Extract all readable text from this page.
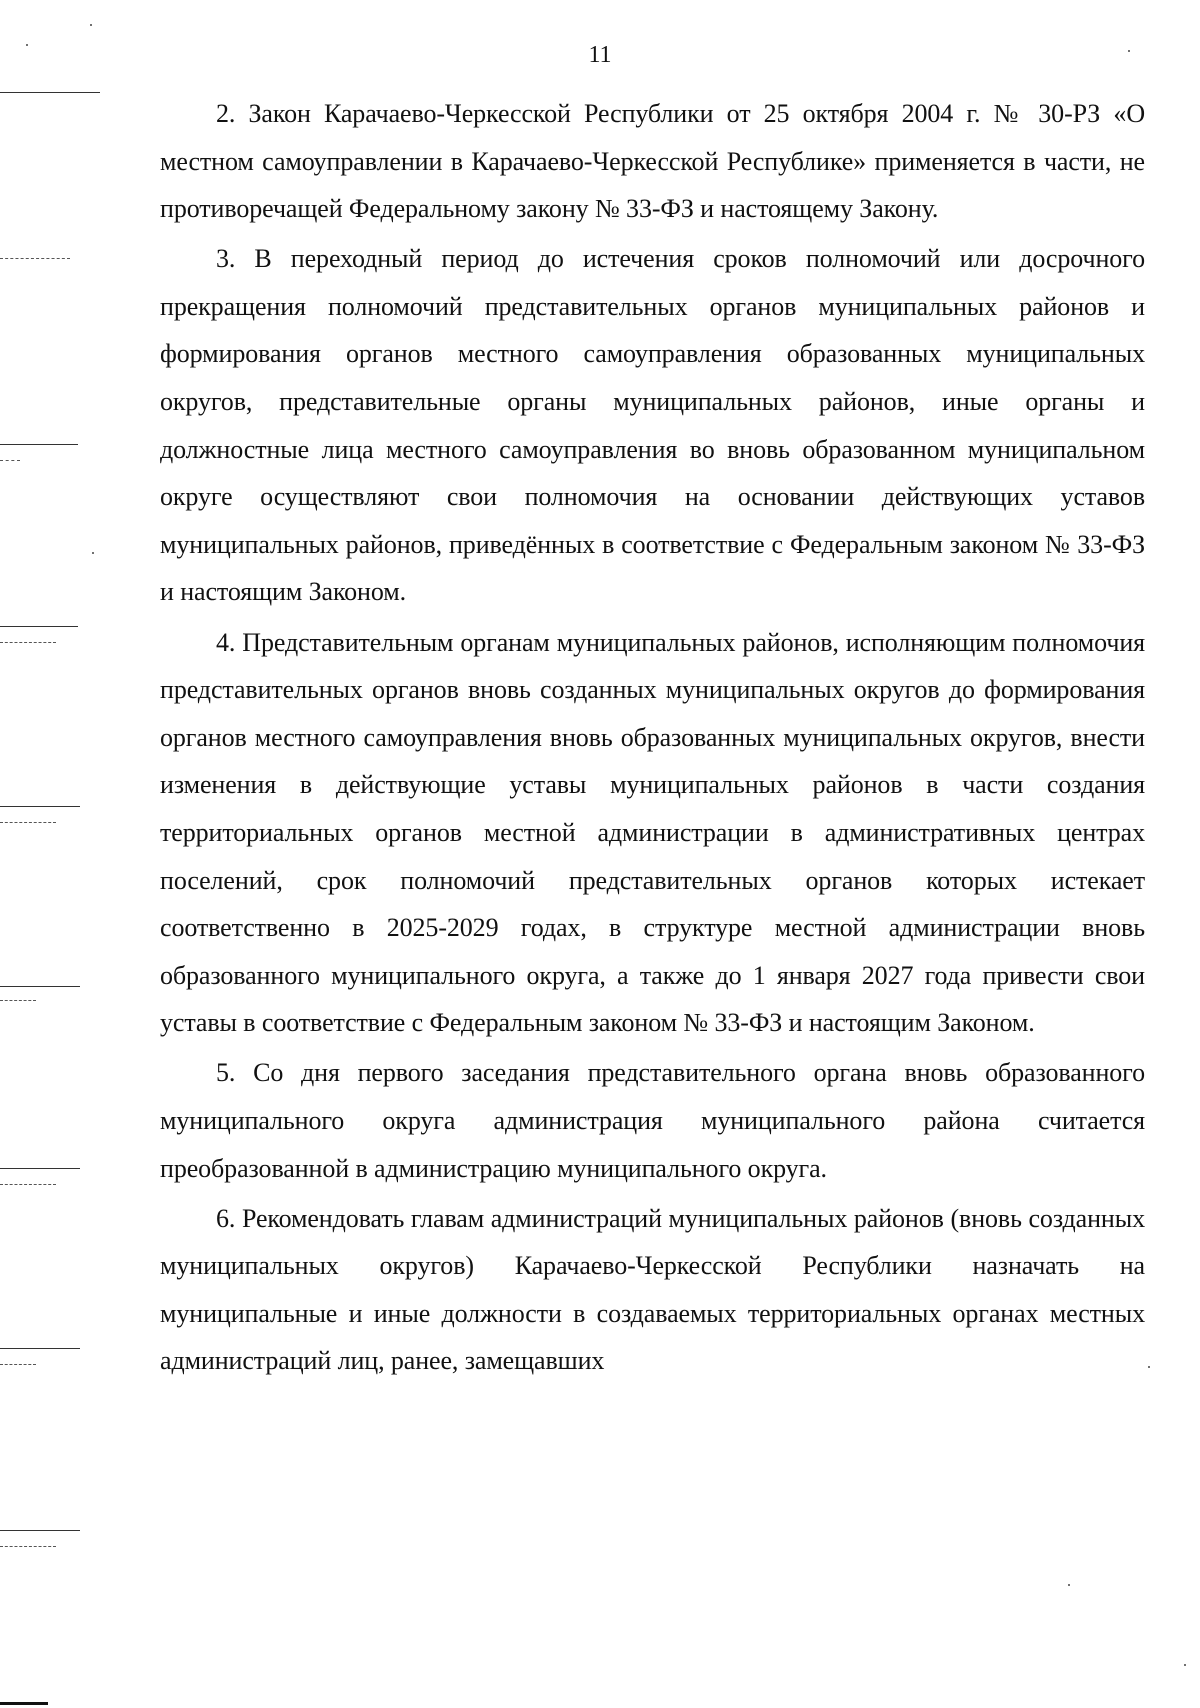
11

2. Закон Карачаево-Черкесской Республики от 25 октября 2004 г. № 30-РЗ «О местном самоуправлении в Карачаево-Черкесской Республике» применяется в части, не противоречащей Федеральному закону № 33-ФЗ и настоящему Закону.

3. В переходный период до истечения сроков полномочий или досрочного прекращения полномочий представительных органов муниципальных районов и формирования органов местного самоуправления образованных муниципальных округов, представительные органы муниципальных районов, иные органы и должностные лица местного самоуправления во вновь образованном муниципальном округе осуществляют свои полномочия на основании действующих уставов муниципальных районов, приведённых в соответствие с Федеральным законом № 33-ФЗ и настоящим Законом.

4. Представительным органам муниципальных районов, исполняющим полномочия представительных органов вновь созданных муниципальных округов до формирования органов местного самоуправления вновь образованных муниципальных округов, внести изменения в действующие уставы муниципальных районов в части создания территориальных органов местной администрации в административных центрах поселений, срок полномочий представительных органов которых истекает соответственно в 2025-2029 годах, в структуре местной администрации вновь образованного муниципального округа, а также до 1 января 2027 года привести свои уставы в соответствие с Федеральным законом № 33-ФЗ и настоящим Законом.

5. Со дня первого заседания представительного органа вновь образованного муниципального округа администрация муниципального района считается преобразованной в администрацию муниципального округа.

6. Рекомендовать главам администраций муниципальных районов (вновь созданных муниципальных округов) Карачаево-Черкесской Республики назначать на муниципальные и иные должности в создаваемых территориальных органах местных администраций лиц, ранее, замещавших
